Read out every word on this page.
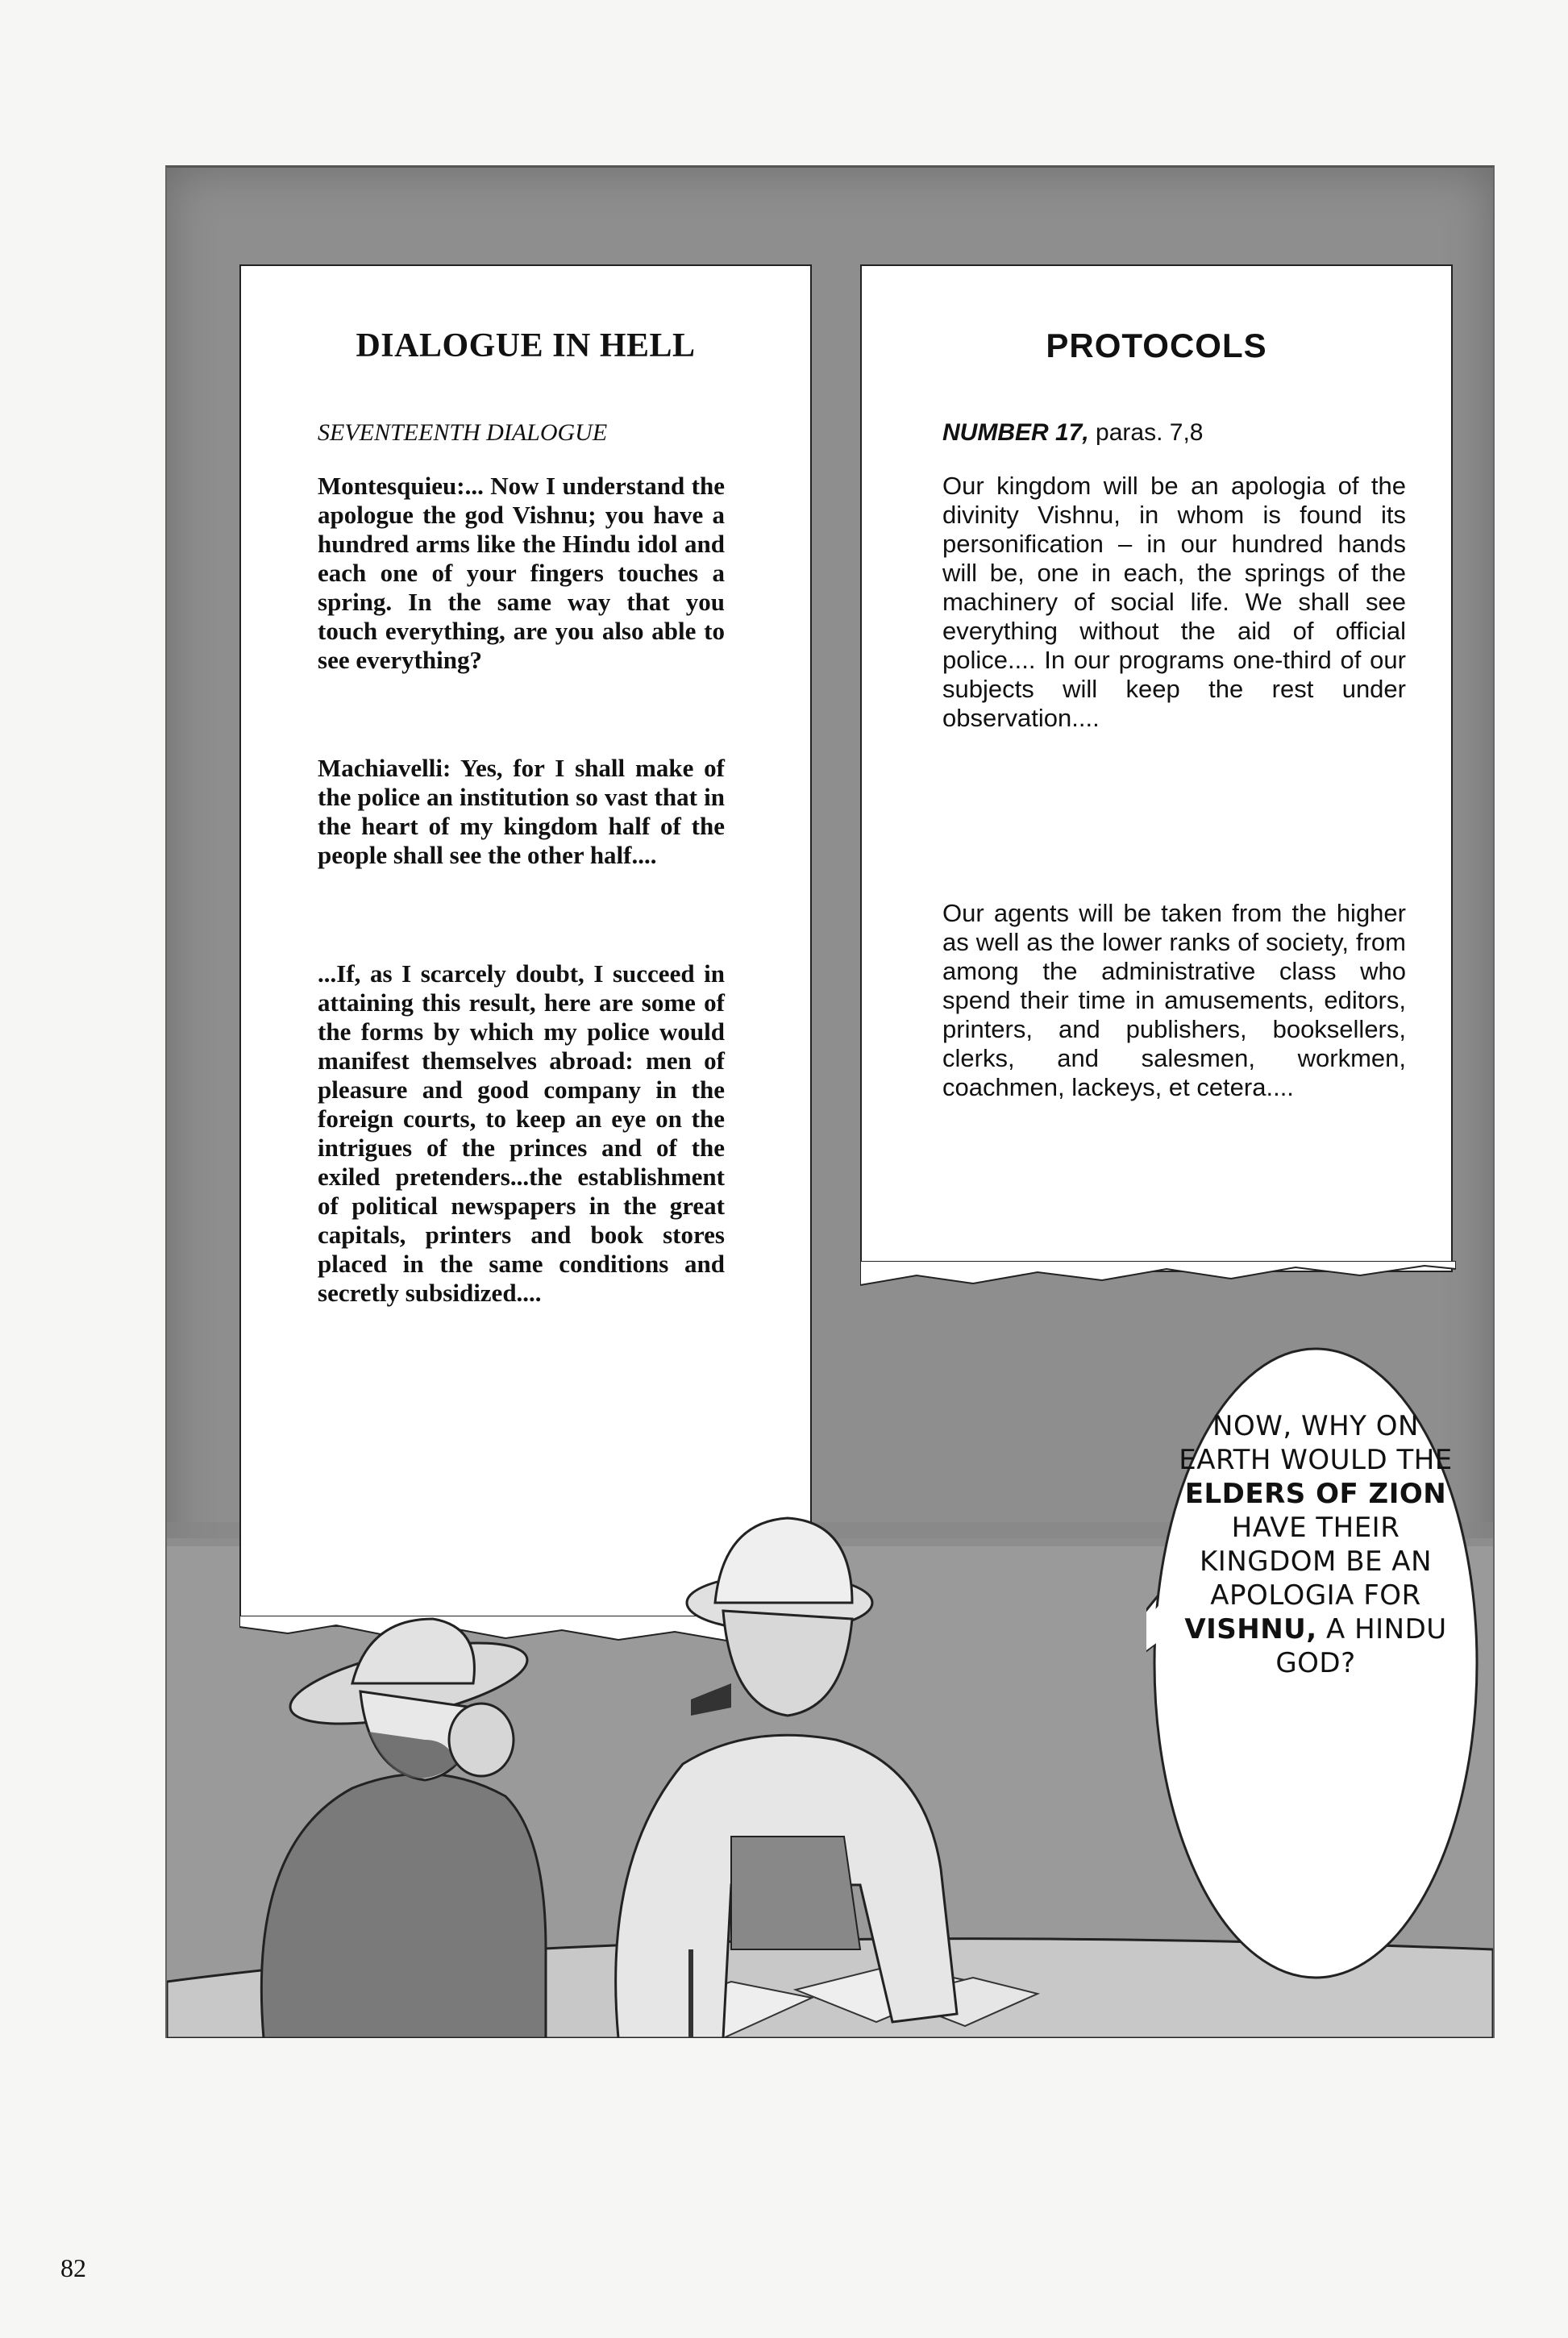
DIALOGUE IN HELL
SEVENTEENTH DIALOGUE
Montesquieu:... Now I understand the apologue the god Vishnu; you have a hundred arms like the Hindu idol and each one of your fingers touches a spring. In the same way that you touch everything, are you also able to see everything?
Machiavelli: Yes, for I shall make of the police an institution so vast that in the heart of my kingdom half of the people shall see the other half....
...If, as I scarcely doubt, I succeed in attaining this result, here are some of the forms by which my police would manifest themselves abroad: men of pleasure and good company in the foreign courts, to keep an eye on the intrigues of the princes and of the exiled pretenders...the establishment of political newspapers in the great capitals, printers and book stores placed in the same conditions and secretly subsidized....
PROTOCOLS
NUMBER 17, paras. 7,8
Our kingdom will be an apologia of the divinity Vishnu, in whom is found its personification – in our hundred hands will be, one in each, the springs of the machinery of social life. We shall see everything without the aid of official police.... In our programs one-third of our subjects will keep the rest under observation....
Our agents will be taken from the higher as well as the lower ranks of society, from among the administrative class who spend their time in amusements, editors, printers, and publishers, booksellers, clerks, and salesmen, workmen, coachmen, lackeys, et cetera....
NOW, WHY ON EARTH WOULD THE ELDERS OF ZION HAVE THEIR KINGDOM BE AN APOLOGIA FOR VISHNU, A HINDU GOD?
82
